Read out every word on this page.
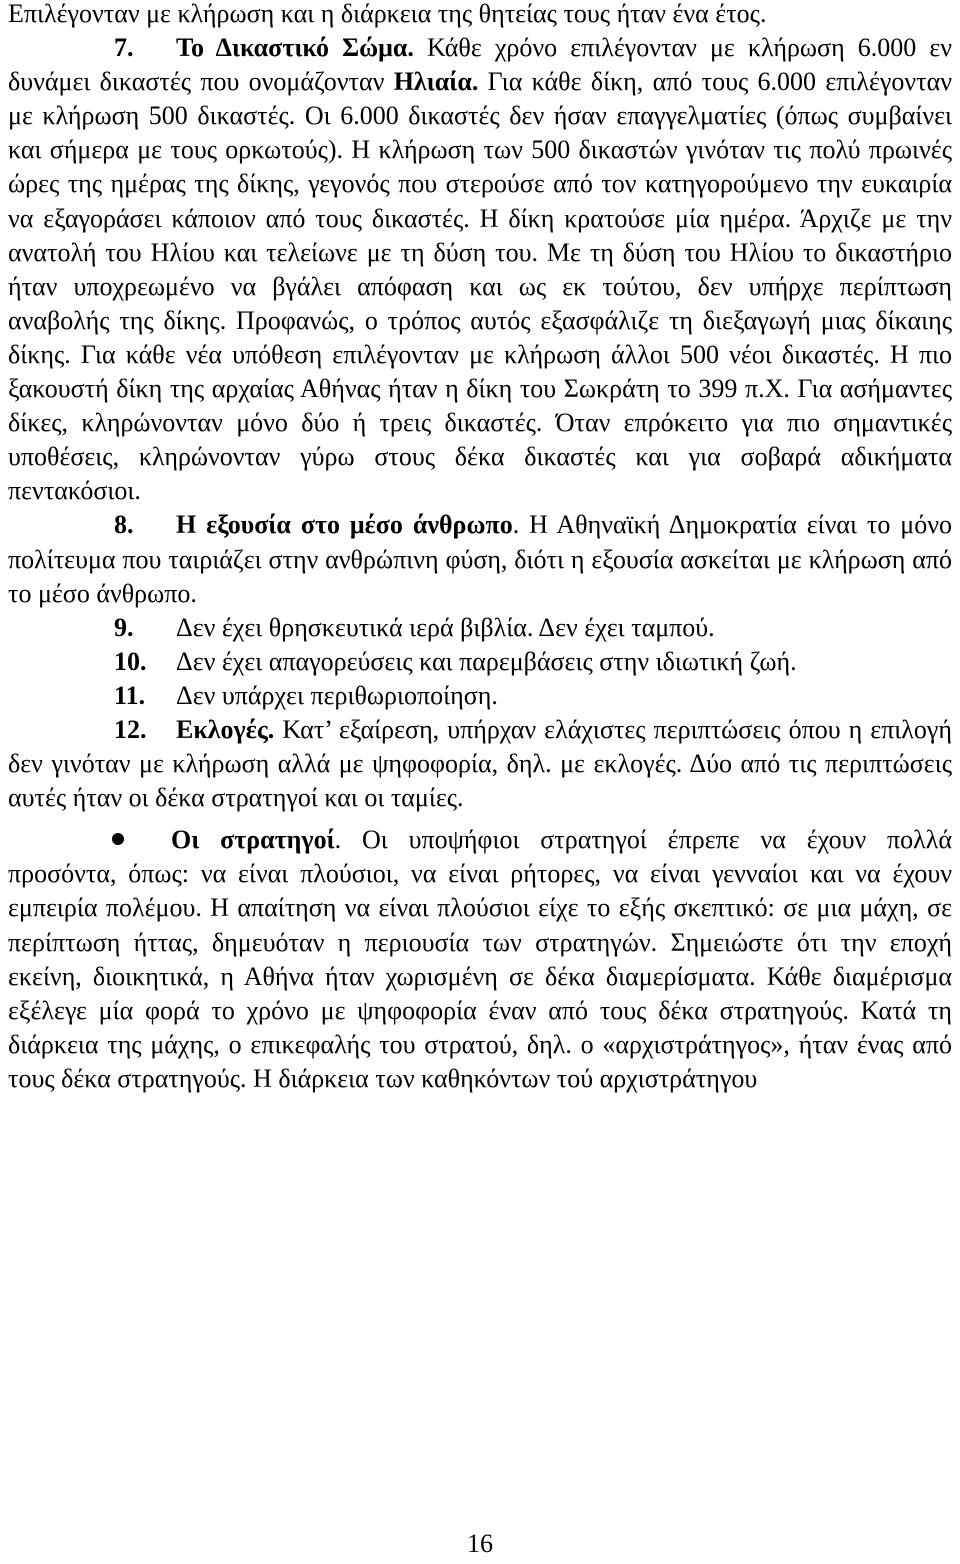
Επιλέγονταν με κλήρωση και η διάρκεια της θητείας τους ήταν ένα έτος.

7. Το Δικαστικό Σώμα. Κάθε χρόνο επιλέγονταν με κλήρωση 6.000 εν δυνάμει δικαστές που ονομάζονταν Ηλιαία. Για κάθε δίκη, από τους 6.000 επιλέγονταν με κλήρωση 500 δικαστές. Οι 6.000 δικαστές δεν ήσαν επαγγελματίες (όπως συμβαίνει και σήμερα με τους ορκωτούς). Η κλήρωση των 500 δικαστών γινόταν τις πολύ πρωινές ώρες της ημέρας της δίκης, γεγονός που στερούσε από τον κατηγορούμενο την ευκαιρία να εξαγοράσει κάποιον από τους δικαστές. Η δίκη κρατούσε μία ημέρα. Άρχιζε με την ανατολή του Ηλίου και τελείωνε με τη δύση του. Με τη δύση του Ηλίου το δικαστήριο ήταν υποχρεωμένο να βγάλει απόφαση και ως εκ τούτου, δεν υπήρχε περίπτωση αναβολής της δίκης. Προφανώς, ο τρόπος αυτός εξασφάλιζε τη διεξαγωγή μιας δίκαιης δίκης. Για κάθε νέα υπόθεση επιλέγονταν με κλήρωση άλλοι 500 νέοι δικαστές. Η πιο ξακουστή δίκη της αρχαίας Αθήνας ήταν η δίκη του Σωκράτη το 399 π.Χ. Για ασήμαντες δίκες, κληρώνονταν μόνο δύο ή τρεις δικαστές. Όταν επρόκειτο για πιο σημαντικές υποθέσεις, κληρώνονταν γύρω στους δέκα δικαστές και για σοβαρά αδικήματα πεντακόσιοι.

8. Η εξουσία στο μέσο άνθρωπο. Η Αθηναϊκή Δημοκρατία είναι το μόνο πολίτευμα που ταιριάζει στην ανθρώπινη φύση, διότι η εξουσία ασκείται με κλήρωση από το μέσο άνθρωπο.

9. Δεν έχει θρησκευτικά ιερά βιβλία. Δεν έχει ταμπού.

10. Δεν έχει απαγορεύσεις και παρεμβάσεις στην ιδιωτική ζωή.

11. Δεν υπάρχει περιθωριοποίηση.

12. Εκλογές. Κατ’ εξαίρεση, υπήρχαν ελάχιστες περιπτώσεις όπου η επιλογή δεν γινόταν με κλήρωση αλλά με ψηφοφορία, δηλ. με εκλογές. Δύο από τις περιπτώσεις αυτές ήταν οι δέκα στρατηγοί και οι ταμίες.

Οι στρατηγοί. Οι υποψήφιοι στρατηγοί έπρεπε να έχουν πολλά προσόντα, όπως: να είναι πλούσιοι, να είναι ρήτορες, να είναι γενναίοι και να έχουν εμπειρία πολέμου. Η απαίτηση να είναι πλούσιοι είχε το εξής σκεπτικό: σε μια μάχη, σε περίπτωση ήττας, δημευόταν η περιουσία των στρατηγών. Σημειώστε ότι την εποχή εκείνη, διοικητικά, η Αθήνα ήταν χωρισμένη σε δέκα διαμερίσματα. Κάθε διαμέρισμα εξέλεγε μία φορά το χρόνο με ψηφοφορία έναν από τους δέκα στρατηγούς. Κατά τη διάρκεια της μάχης, ο επικεφαλής του στρατού, δηλ. ο «αρχιστράτηγος», ήταν ένας από τους δέκα στρατηγούς. Η διάρκεια των καθηκόντων τού αρχιστράτηγου

16
